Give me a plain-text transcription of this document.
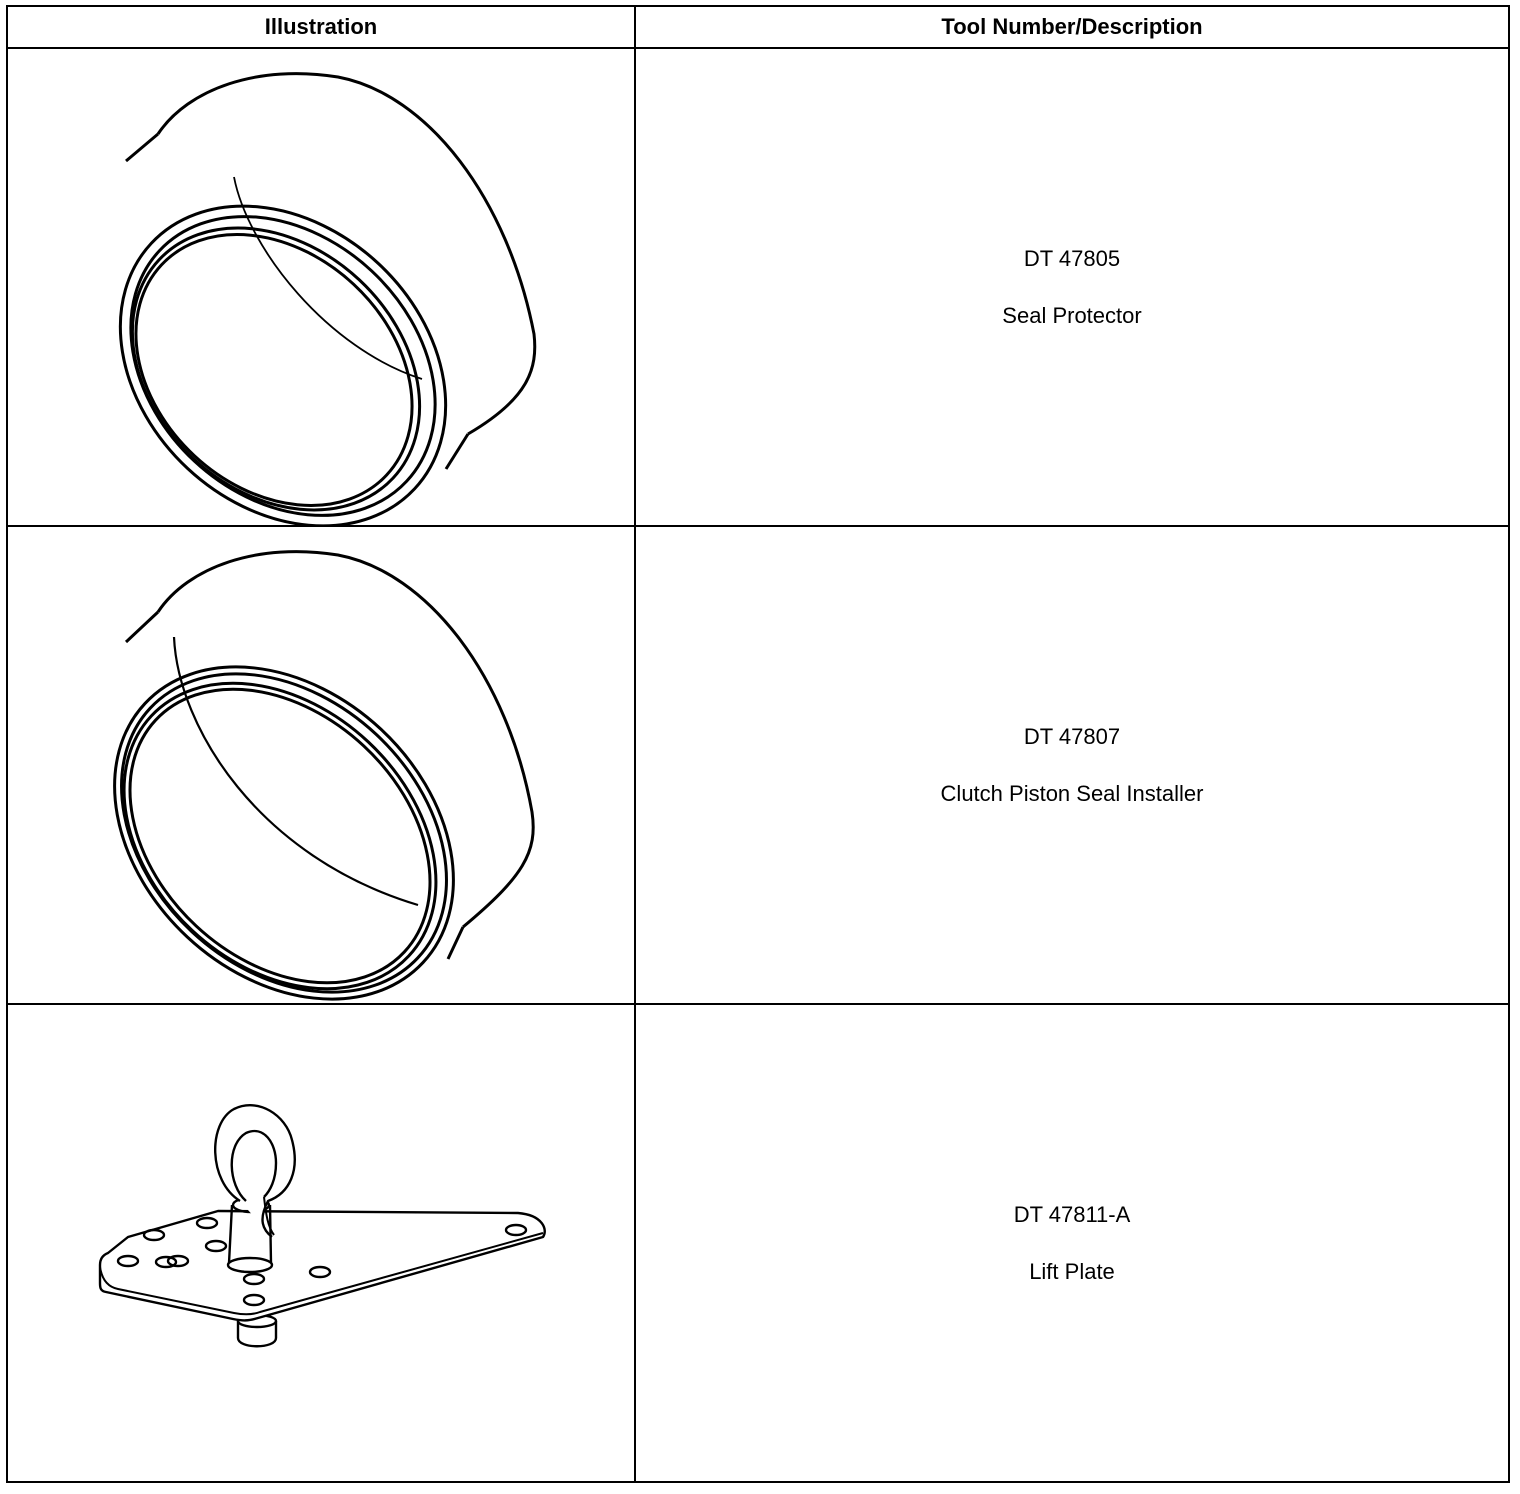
Illustration	Tool Number/Description

DT 47805
Seal Protector

DT 47807
Clutch Piston Seal Installer

DT 47811-A
Lift Plate
